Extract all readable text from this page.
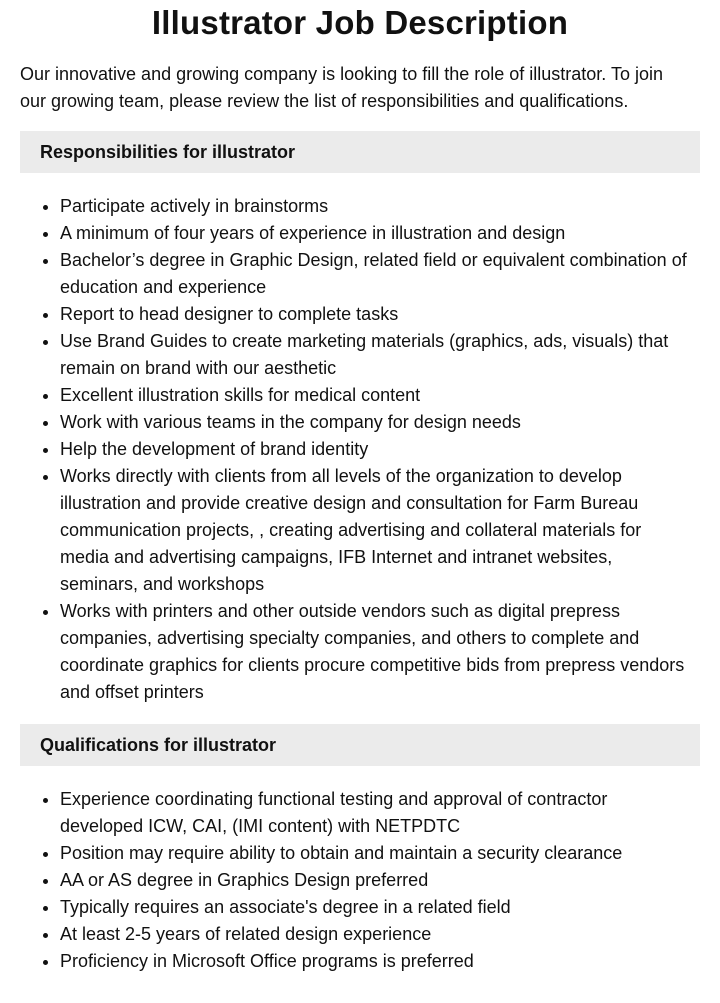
Illustrator Job Description

Our innovative and growing company is looking to fill the role of illustrator. To join our growing team, please review the list of responsibilities and qualifications.

Responsibilities for illustrator
• Participate actively in brainstorms
• A minimum of four years of experience in illustration and design
• Bachelor’s degree in Graphic Design, related field or equivalent combination of education and experience
• Report to head designer to complete tasks
• Use Brand Guides to create marketing materials (graphics, ads, visuals) that remain on brand with our aesthetic
• Excellent illustration skills for medical content
• Work with various teams in the company for design needs
• Help the development of brand identity
• Works directly with clients from all levels of the organization to develop illustration and provide creative design and consultation for Farm Bureau communication projects, , creating advertising and collateral materials for media and advertising campaigns, IFB Internet and intranet websites, seminars, and workshops
• Works with printers and other outside vendors such as digital prepress companies, advertising specialty companies, and others to complete and coordinate graphics for clients procure competitive bids from prepress vendors and offset printers
Qualifications for illustrator
• Experience coordinating functional testing and approval of contractor developed ICW, CAI, (IMI content) with NETPDTC
• Position may require ability to obtain and maintain a security clearance
• AA or AS degree in Graphics Design preferred
• Typically requires an associate's degree in a related field
• At least 2-5 years of related design experience
• Proficiency in Microsoft Office programs is preferred
